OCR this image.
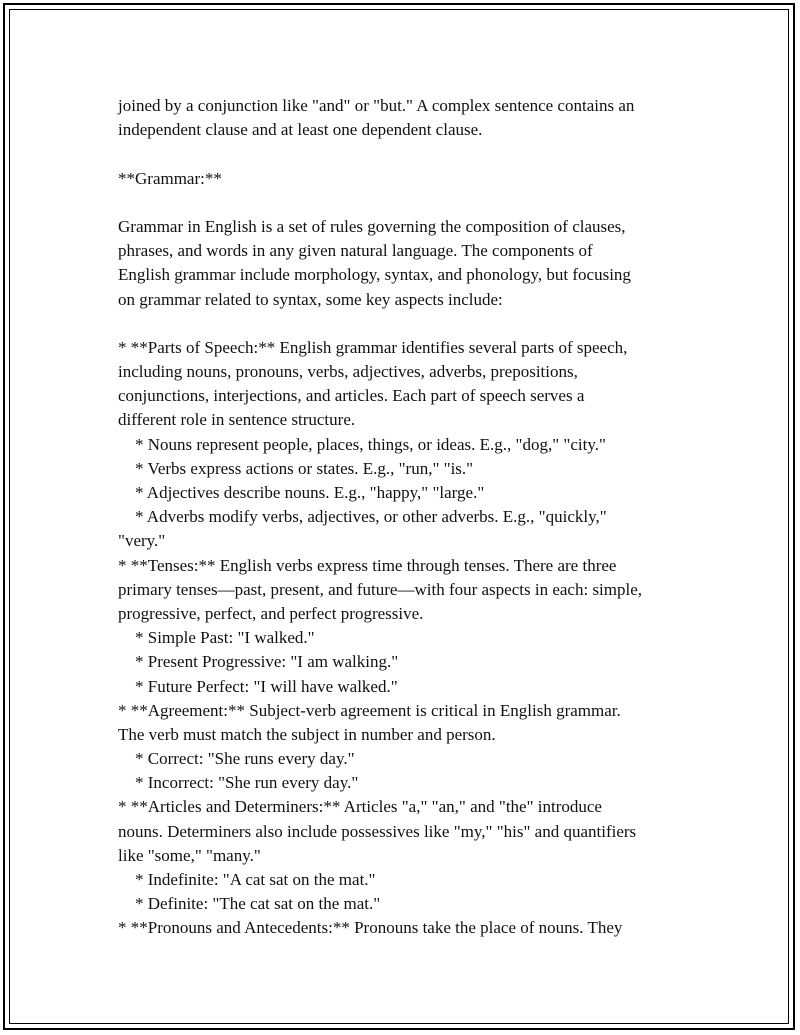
joined by a conjunction like "and" or "but." A complex sentence contains an
independent clause and at least one dependent clause.
**Grammar:**
Grammar in English is a set of rules governing the composition of clauses,
phrases, and words in any given natural language. The components of
English grammar include morphology, syntax, and phonology, but focusing
on grammar related to syntax, some key aspects include:
* **Parts of Speech:** English grammar identifies several parts of speech,
including nouns, pronouns, verbs, adjectives, adverbs, prepositions,
conjunctions, interjections, and articles. Each part of speech serves a
different role in sentence structure.
* Nouns represent people, places, things, or ideas. E.g., "dog," "city."
* Verbs express actions or states. E.g., "run," "is."
* Adjectives describe nouns. E.g., "happy," "large."
* Adverbs modify verbs, adjectives, or other adverbs. E.g., "quickly,"
"very."
* **Tenses:** English verbs express time through tenses. There are three
primary tenses—past, present, and future—with four aspects in each: simple,
progressive, perfect, and perfect progressive.
* Simple Past: "I walked."
* Present Progressive: "I am walking."
* Future Perfect: "I will have walked."
* **Agreement:** Subject-verb agreement is critical in English grammar.
The verb must match the subject in number and person.
* Correct: "She runs every day."
* Incorrect: "She run every day."
* **Articles and Determiners:** Articles "a," "an," and "the" introduce
nouns. Determiners also include possessives like "my," "his" and quantifiers
like "some," "many."
* Indefinite: "A cat sat on the mat."
* Definite: "The cat sat on the mat."
* **Pronouns and Antecedents:** Pronouns take the place of nouns. They
